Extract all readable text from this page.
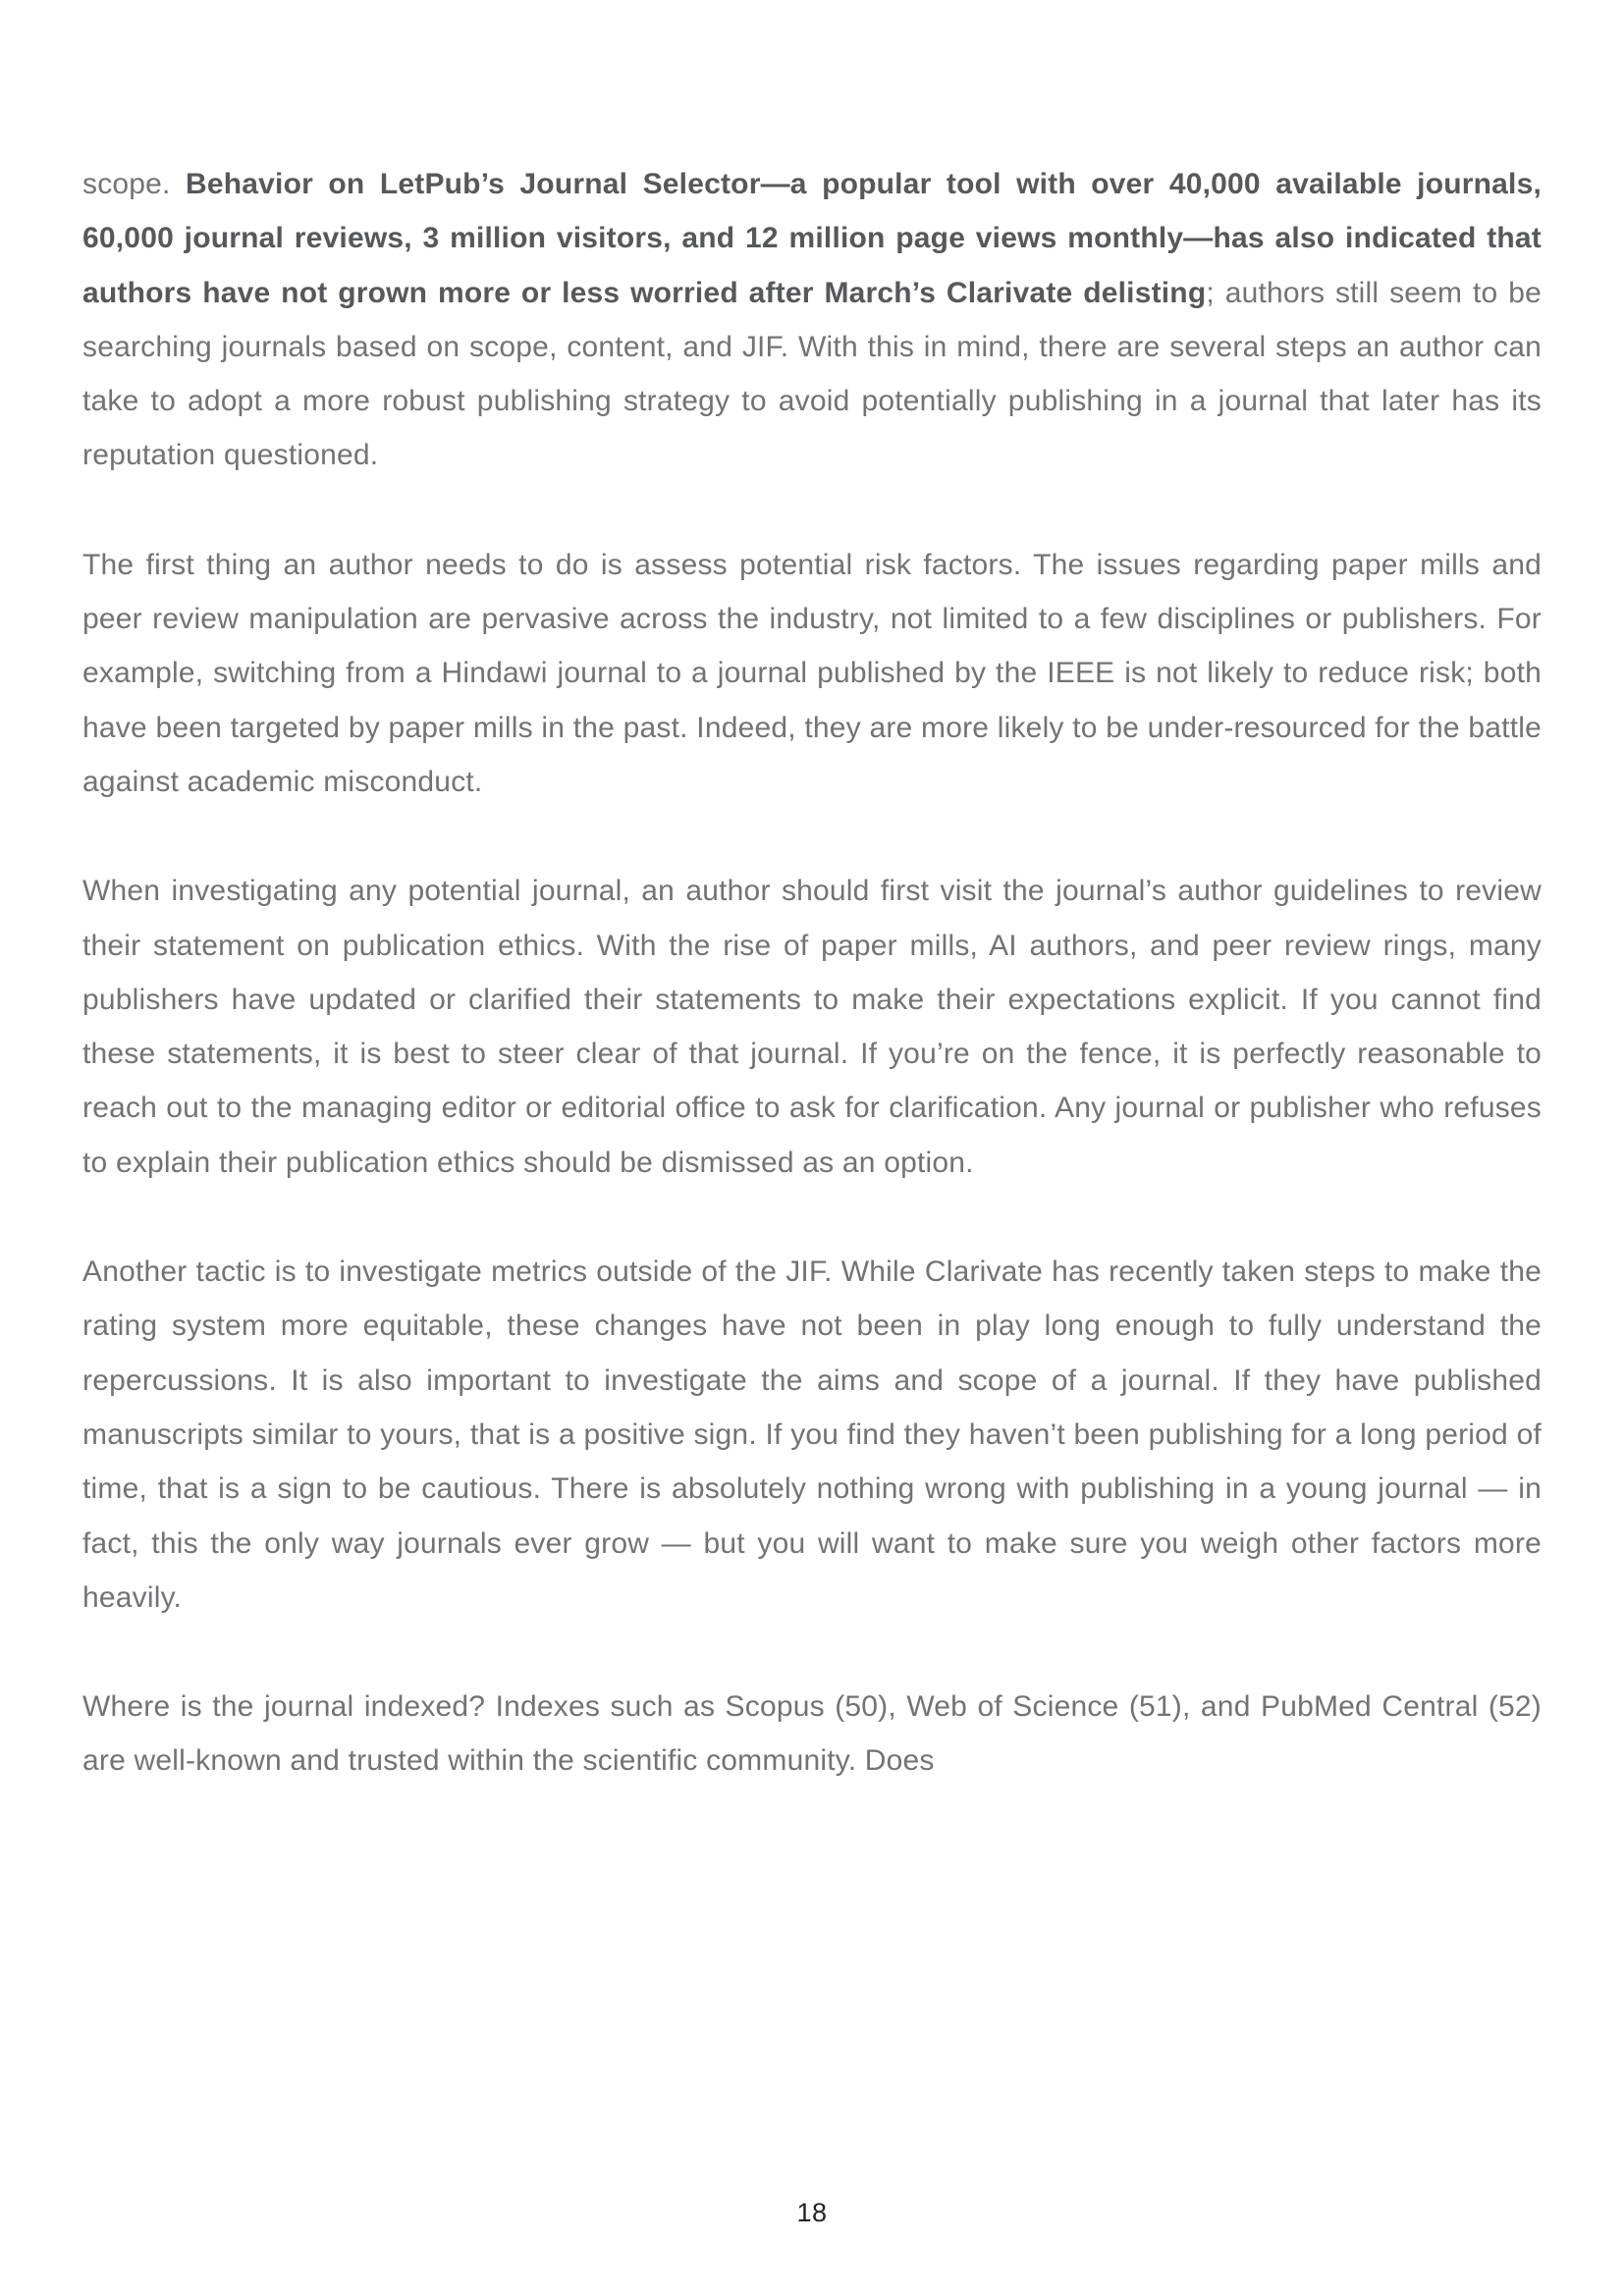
scope. Behavior on LetPub’s Journal Selector—a popular tool with over 40,000 available journals, 60,000 journal reviews, 3 million visitors, and 12 million page views monthly—has also indicated that authors have not grown more or less worried after March’s Clarivate delisting; authors still seem to be searching journals based on scope, content, and JIF. With this in mind, there are several steps an author can take to adopt a more robust publishing strategy to avoid potentially publishing in a journal that later has its reputation questioned.

The first thing an author needs to do is assess potential risk factors. The issues regarding paper mills and peer review manipulation are pervasive across the industry, not limited to a few disciplines or publishers. For example, switching from a Hindawi journal to a journal published by the IEEE is not likely to reduce risk; both have been targeted by paper mills in the past. Indeed, they are more likely to be under-resourced for the battle against academic misconduct.

When investigating any potential journal, an author should first visit the journal’s author guidelines to review their statement on publication ethics. With the rise of paper mills, AI authors, and peer review rings, many publishers have updated or clarified their statements to make their expectations explicit. If you cannot find these statements, it is best to steer clear of that journal. If you’re on the fence, it is perfectly reasonable to reach out to the managing editor or editorial office to ask for clarification. Any journal or publisher who refuses to explain their publication ethics should be dismissed as an option.

Another tactic is to investigate metrics outside of the JIF. While Clarivate has recently taken steps to make the rating system more equitable, these changes have not been in play long enough to fully understand the repercussions. It is also important to investigate the aims and scope of a journal. If they have published manuscripts similar to yours, that is a positive sign. If you find they haven’t been publishing for a long period of time, that is a sign to be cautious. There is absolutely nothing wrong with publishing in a young journal — in fact, this the only way journals ever grow — but you will want to make sure you weigh other factors more heavily.

Where is the journal indexed? Indexes such as Scopus (50), Web of Science (51), and PubMed Central (52) are well-known and trusted within the scientific community. Does

18
